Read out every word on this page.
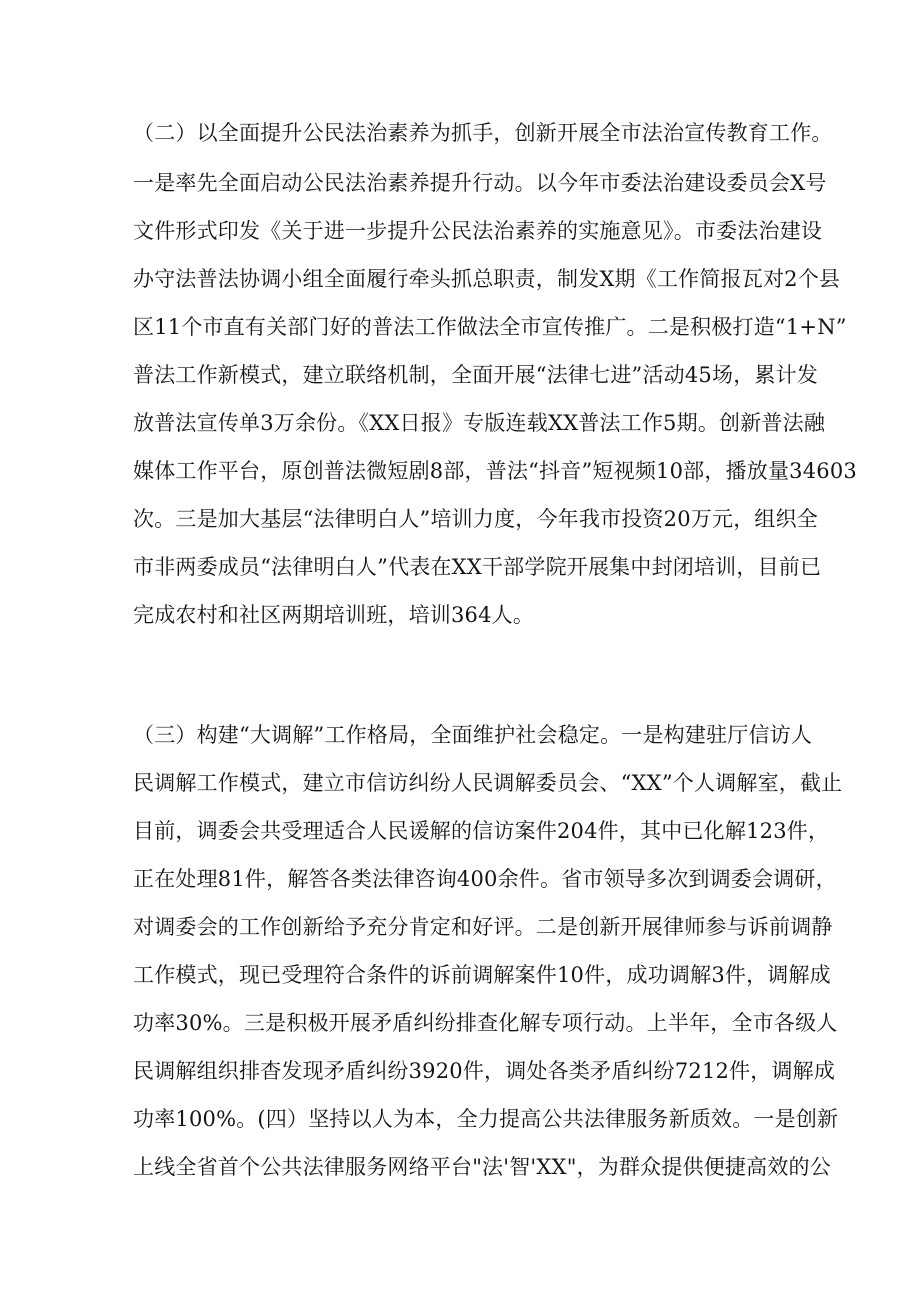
（二）以全面提升公民法治素养为抓手，创新开展全市法治宣传教育工作。
一是率先全面启动公民法治素养提升行动。以今年市委法治建设委员会X号
文件形式印发《关于进一步提升公民法治素养的实施意见》。市委法治建设
办守法普法协调小组全面履行牵头抓总职责，制发X期《工作简报瓦对2个县
区11个市直有关部门好的普法工作做法全市宣传推广。二是积极打造“1+N”
普法工作新模式，建立联络机制，全面开展“法律七进”活动45场，累计发
放普法宣传单3万余份。《XX日报》专版连载XX普法工作5期。创新普法融
媒体工作平台，原创普法微短剧8部，普法“抖音”短视频10部，播放量34603
次。三是加大基层“法律明白人”培训力度，今年我市投资20万元，组织全
市非两委成员“法律明白人”代表在XX干部学院开展集中封闭培训，目前已
完成农村和社区两期培训班，培训364人。
（三）构建“大调解”工作格局，全面维护社会稳定。一是构建驻厅信访人
民调解工作模式，建立市信访纠纷人民调解委员会、“XX”个人调解室，截止
目前，调委会共受理适合人民谖解的信访案件204件，其中已化解123件，
正在处理81件，解答各类法律咨询400余件。省市领导多次到调委会调研，
对调委会的工作创新给予充分肯定和好评。二是创新开展律师参与诉前调静
工作模式，现已受理符合条件的诉前调解案件10件，成功调解3件，调解成
功率30%。三是积极开展矛盾纠纷排查化解专项行动。上半年，全市各级人
民调解组织排杳发现矛盾纠纷3920件，调处各类矛盾纠纷7212件，调解成
功率100%。(四）坚持以人为本，全力提高公共法律服务新质效。一是创新
上线全省首个公共法律服务网络平台"法'智'XX"，为群众提供便捷高效的公
